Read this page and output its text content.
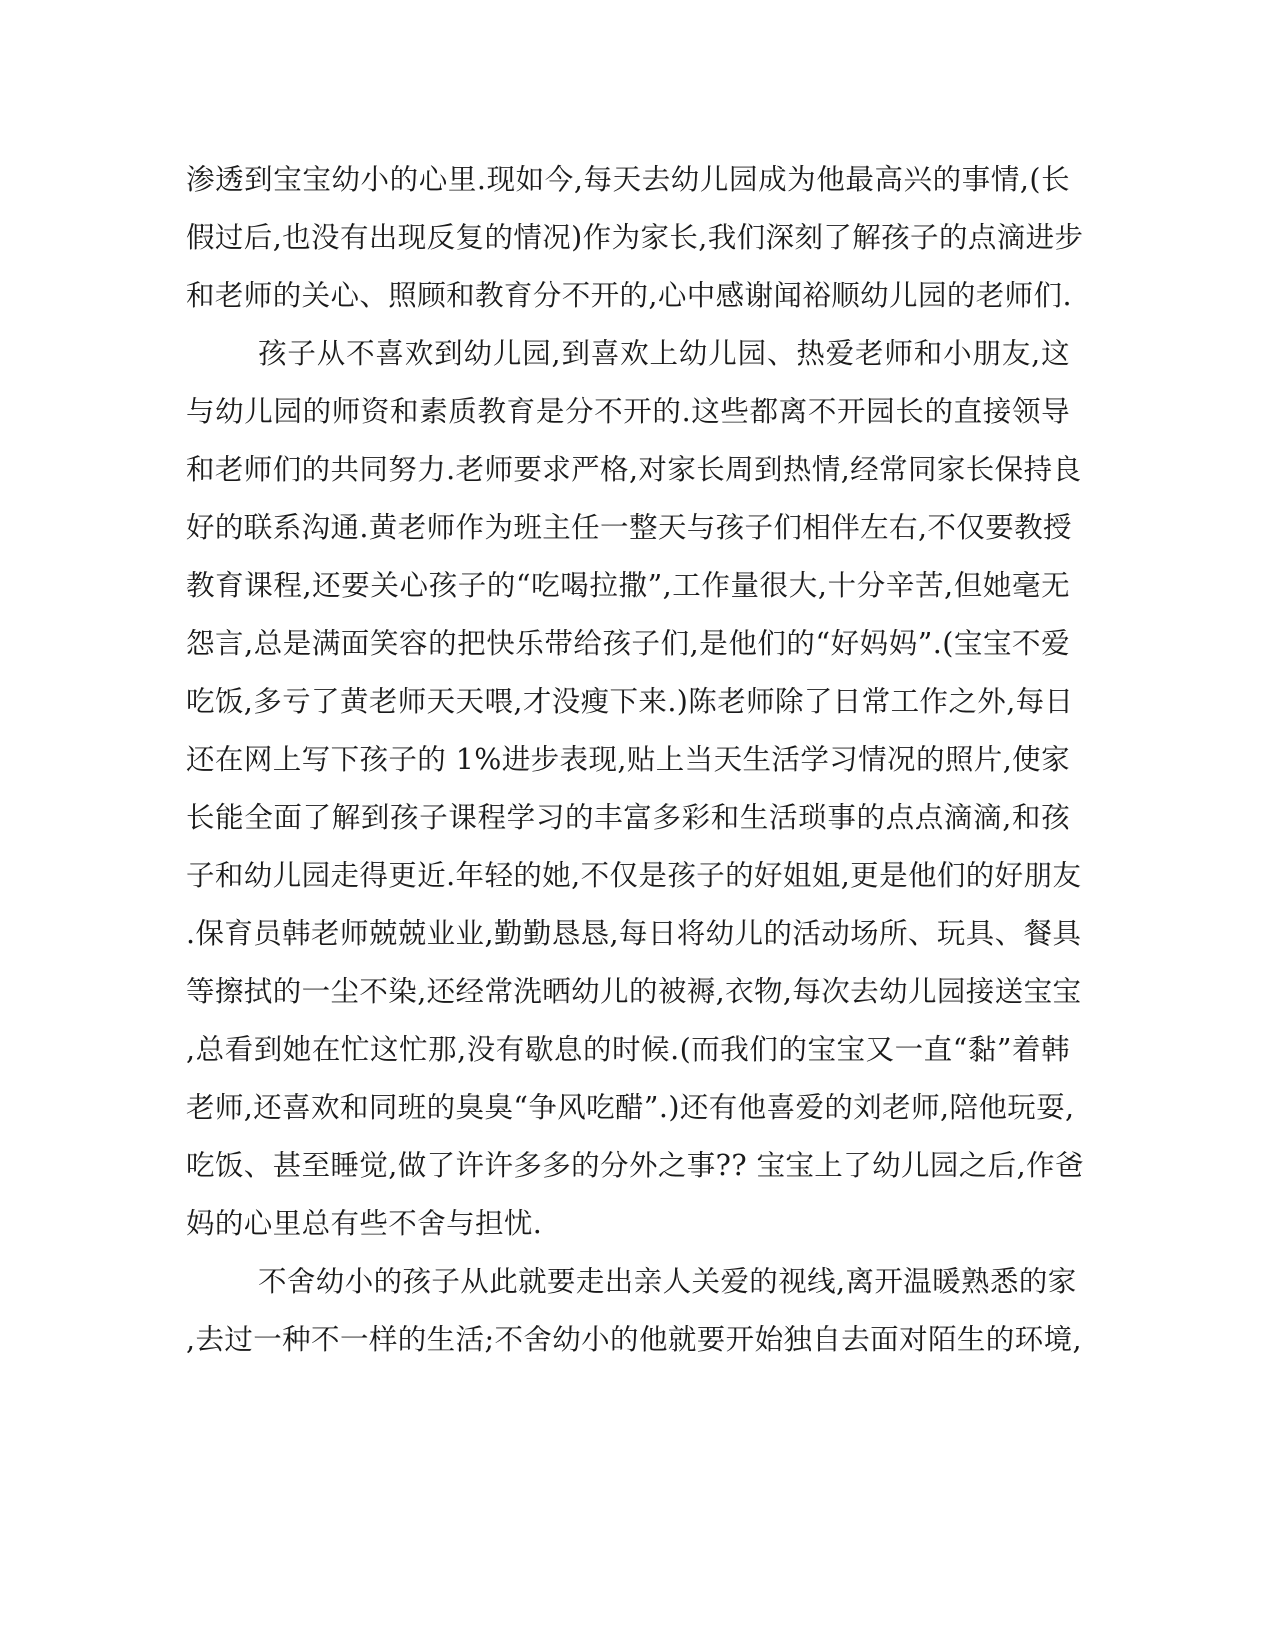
渗透到宝宝幼小的心里.现如今,每天去幼儿园成为他最高兴的事情,(长
假过后,也没有出现反复的情况)作为家长,我们深刻了解孩子的点滴进步
和老师的关心、照顾和教育分不开的,心中感谢闻裕顺幼儿园的老师们.
孩子从不喜欢到幼儿园,到喜欢上幼儿园、热爱老师和小朋友,这
与幼儿园的师资和素质教育是分不开的.这些都离不开园长的直接领导
和老师们的共同努力.老师要求严格,对家长周到热情,经常同家长保持良
好的联系沟通.黄老师作为班主任一整天与孩子们相伴左右,不仅要教授
教育课程,还要关心孩子的“吃喝拉撒”,工作量很大,十分辛苦,但她毫无
怨言,总是满面笑容的把快乐带给孩子们,是他们的“好妈妈”.(宝宝不爱
吃饭,多亏了黄老师天天喂,才没瘦下来.)陈老师除了日常工作之外,每日
还在网上写下孩子的 1%进步表现,贴上当天生活学习情况的照片,使家
长能全面了解到孩子课程学习的丰富多彩和生活琐事的点点滴滴,和孩
子和幼儿园走得更近.年轻的她,不仅是孩子的好姐姐,更是他们的好朋友
.保育员韩老师兢兢业业,勤勤恳恳,每日将幼儿的活动场所、玩具、餐具
等擦拭的一尘不染,还经常洗晒幼儿的被褥,衣物,每次去幼儿园接送宝宝
,总看到她在忙这忙那,没有歇息的时候.(而我们的宝宝又一直“黏”着韩
老师,还喜欢和同班的臭臭“争风吃醋”.)还有他喜爱的刘老师,陪他玩耍,
吃饭、甚至睡觉,做了许许多多的分外之事?? 宝宝上了幼儿园之后,作爸
妈的心里总有些不舍与担忧.
不舍幼小的孩子从此就要走出亲人关爱的视线,离开温暖熟悉的家
,去过一种不一样的生活;不舍幼小的他就要开始独自去面对陌生的环境,
